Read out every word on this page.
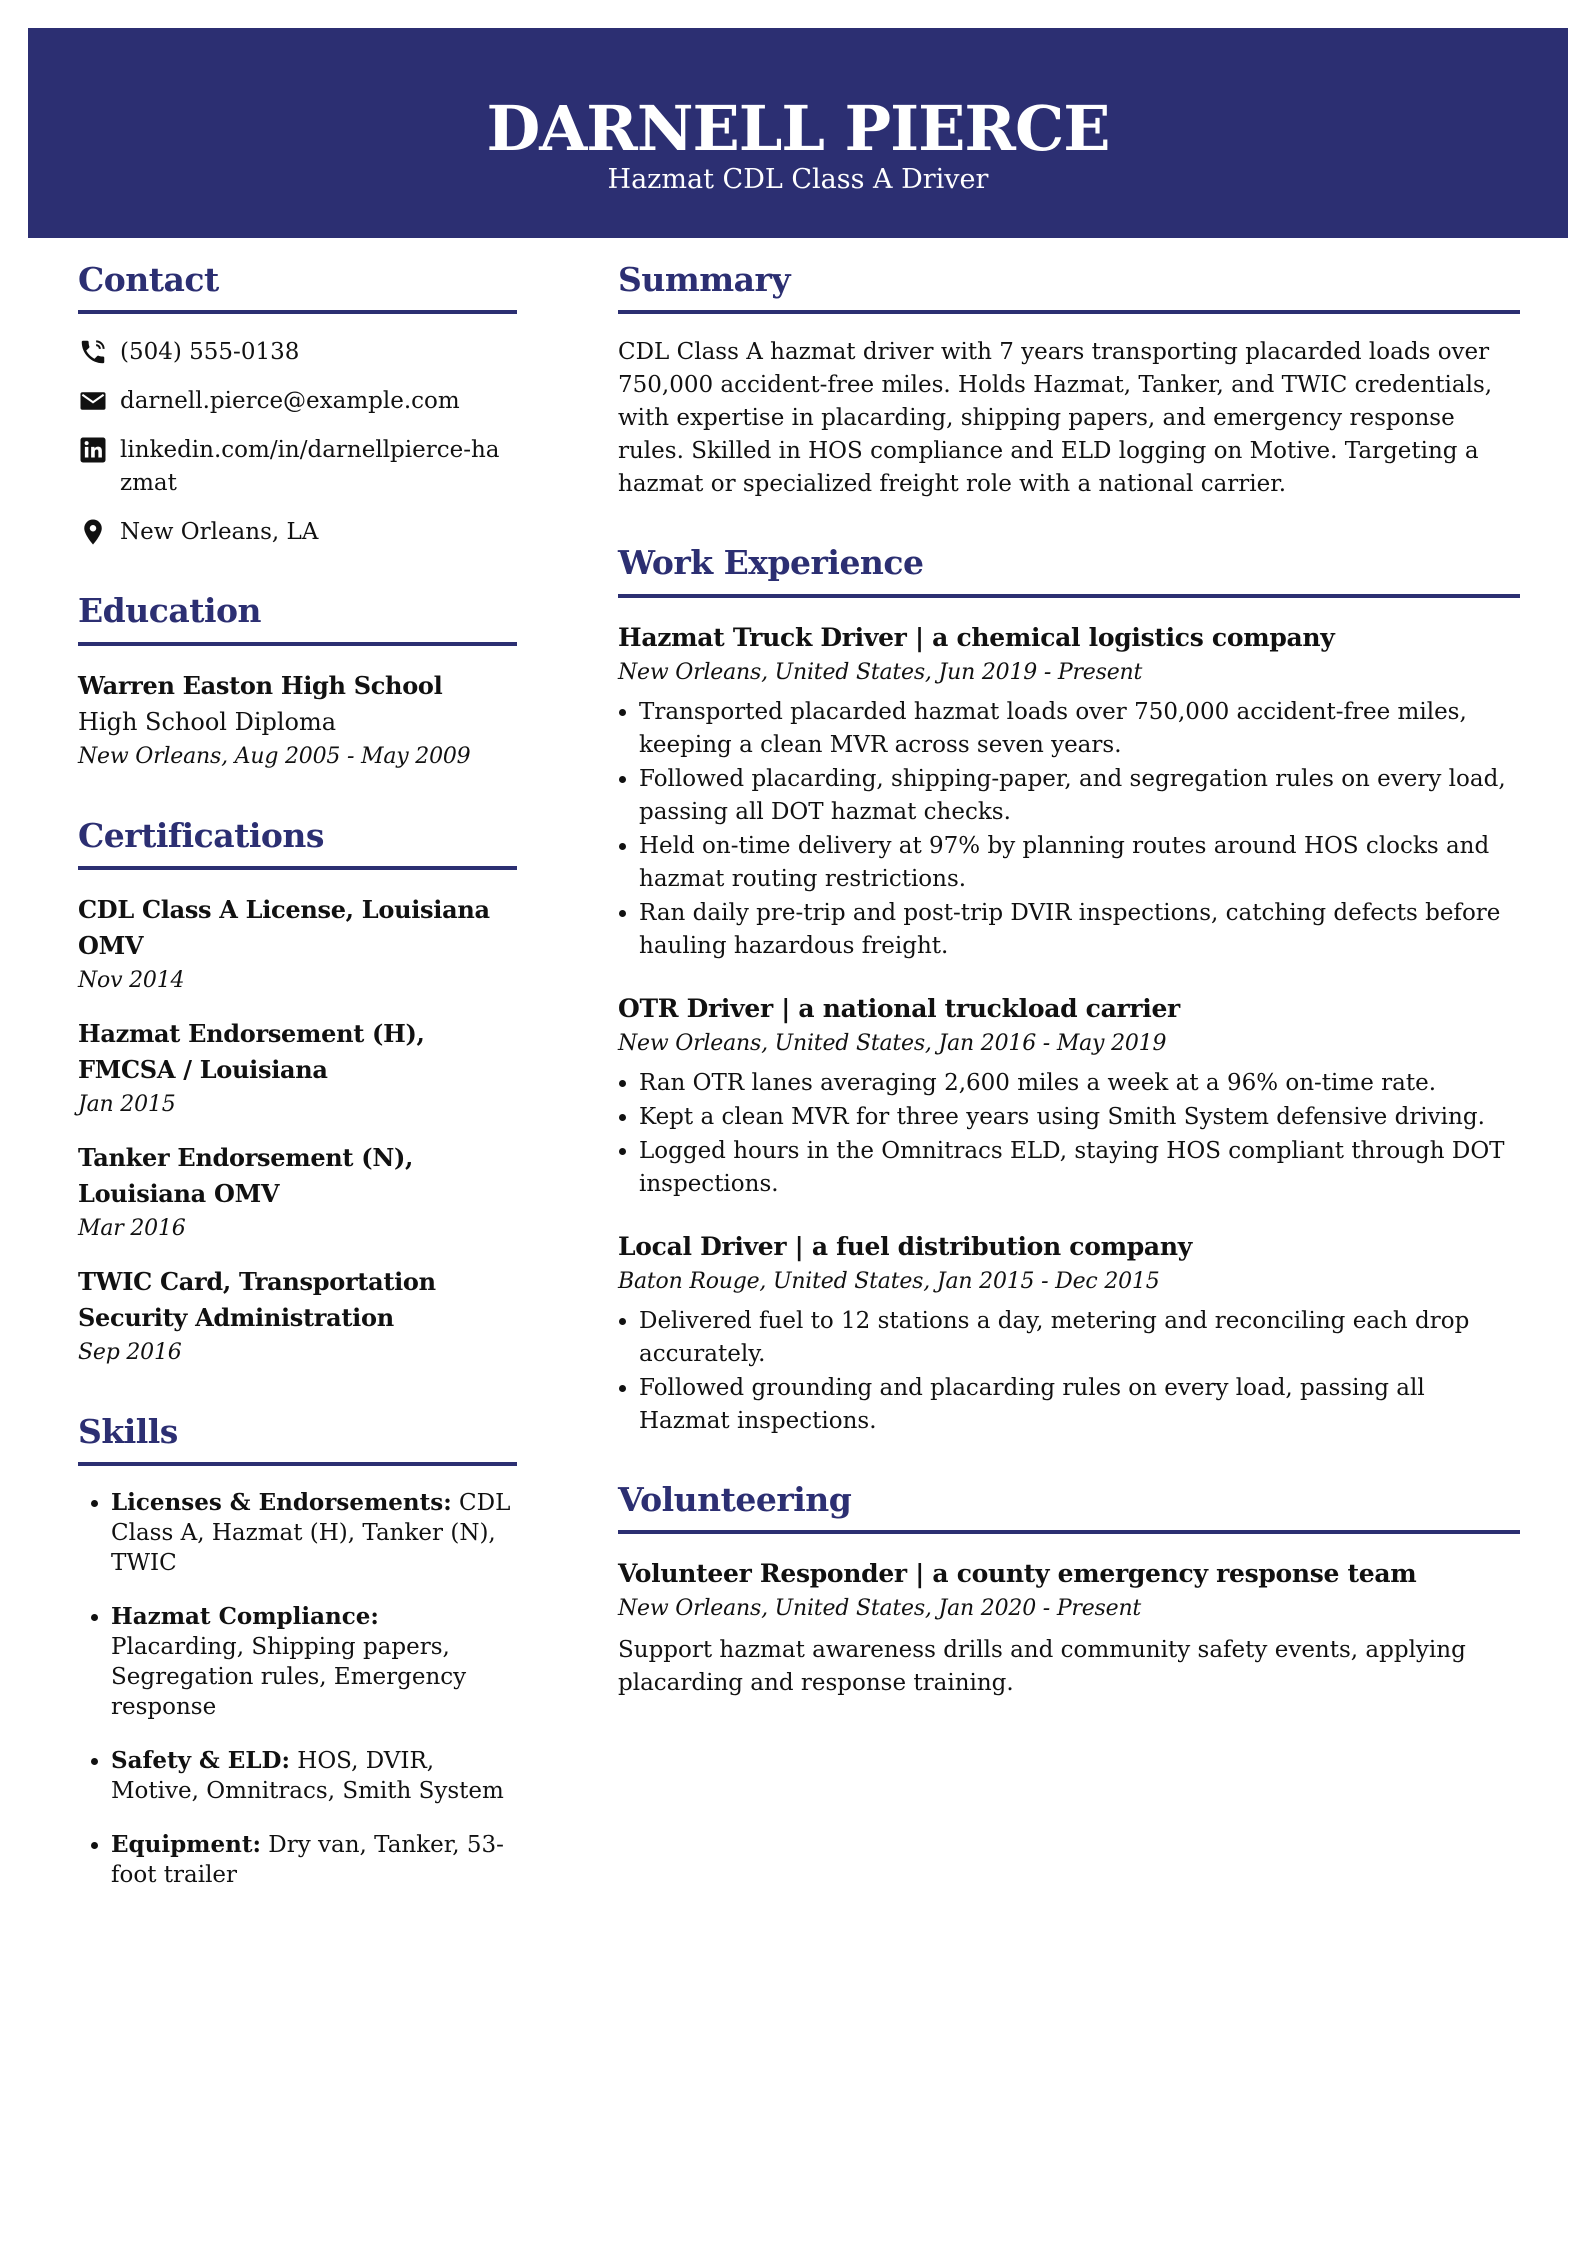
DARNELL PIERCE
Hazmat CDL Class A Driver
Contact
(504) 555-0138
darnell.pierce@example.com
linkedin.com/in/darnellpierce-hazmat
New Orleans, LA
Education
Warren Easton High School
High School Diploma
New Orleans, Aug 2005 - May 2009
Certifications
CDL Class A License, Louisiana OMV
Nov 2014
Hazmat Endorsement (H), FMCSA / Louisiana
Jan 2015
Tanker Endorsement (N), Louisiana OMV
Mar 2016
TWIC Card, Transportation Security Administration
Sep 2016
Skills
• Licenses & Endorsements: CDL Class A, Hazmat (H), Tanker (N), TWIC
• Hazmat Compliance: Placarding, Shipping papers, Segregation rules, Emergency response
• Safety & ELD: HOS, DVIR, Motive, Omnitracs, Smith System
• Equipment: Dry van, Tanker, 53-foot trailer
Summary

CDL Class A hazmat driver with 7 years transporting placarded loads over 750,000 accident-free miles. Holds Hazmat, Tanker, and TWIC credentials, with expertise in placarding, shipping papers, and emergency response rules. Skilled in HOS compliance and ELD logging on Motive. Targeting a hazmat or specialized freight role with a national carrier.

Work Experience
Hazmat Truck Driver | a chemical logistics company
New Orleans, United States, Jun 2019 - Present
• Transported placarded hazmat loads over 750,000 accident-free miles, keeping a clean MVR across seven years.
• Followed placarding, shipping-paper, and segregation rules on every load, passing all DOT hazmat checks.
• Held on-time delivery at 97% by planning routes around HOS clocks and hazmat routing restrictions.
• Ran daily pre-trip and post-trip DVIR inspections, catching defects before hauling hazardous freight.
OTR Driver | a national truckload carrier
New Orleans, United States, Jan 2016 - May 2019
• Ran OTR lanes averaging 2,600 miles a week at a 96% on-time rate.
• Kept a clean MVR for three years using Smith System defensive driving.
• Logged hours in the Omnitracs ELD, staying HOS compliant through DOT inspections.
Local Driver | a fuel distribution company
Baton Rouge, United States, Jan 2015 - Dec 2015
• Delivered fuel to 12 stations a day, metering and reconciling each drop accurately.
• Followed grounding and placarding rules on every load, passing all Hazmat inspections.
Volunteering
Volunteer Responder | a county emergency response team
New Orleans, United States, Jan 2020 - Present

Support hazmat awareness drills and community safety events, applying placarding and response training.
